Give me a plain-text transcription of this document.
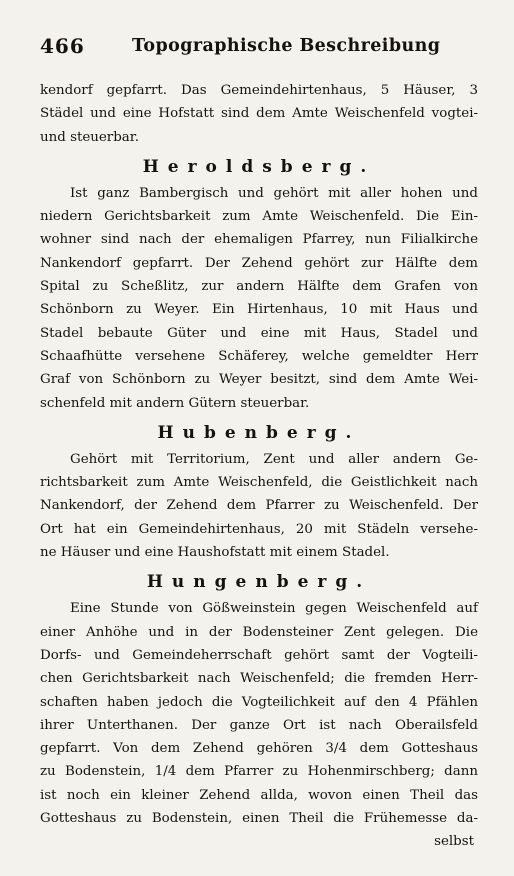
466	Topographische Beschreibung
kendorf gepfarrt. Das Gemeindehirtenhaus, 5 Häuser, 3
Städel und eine Hofstatt sind dem Amte Weischenfeld vogtei-
und steuerbar.
Heroldsberg.
Ist ganz Bambergisch und gehört mit aller hohen und
niedern Gerichtsbarkeit zum Amte Weischenfeld. Die Ein-
wohner sind nach der ehemaligen Pfarrey, nun Filialkirche
Nankendorf gepfarrt. Der Zehend gehört zur Hälfte dem
Spital zu Scheßlitz, zur andern Hälfte dem Grafen von
Schönborn zu Weyer. Ein Hirtenhaus, 10 mit Haus und
Stadel bebaute Güter und eine mit Haus, Stadel und
Schaafhütte versehene Schäferey, welche gemeldter Herr
Graf von Schönborn zu Weyer besitzt, sind dem Amte Wei-
schenfeld mit andern Gütern steuerbar.
Hubenberg.
Gehört mit Territorium, Zent und aller andern Ge-
richtsbarkeit zum Amte Weischenfeld, die Geistlichkeit nach
Nankendorf, der Zehend dem Pfarrer zu Weischenfeld. Der
Ort hat ein Gemeindehirtenhaus, 20 mit Städeln versehe-
ne Häuser und eine Haushofstatt mit einem Stadel.
Hungenberg.
Eine Stunde von Gößweinstein gegen Weischenfeld auf
einer Anhöhe und in der Bodensteiner Zent gelegen. Die
Dorfs- und Gemeindeherrschaft gehört samt der Vogteili-
chen Gerichtsbarkeit nach Weischenfeld; die fremden Herr-
schaften haben jedoch die Vogteilichkeit auf den 4 Pfählen
ihrer Unterthanen. Der ganze Ort ist nach Oberailsfeld
gepfarrt. Von dem Zehend gehören 3/4 dem Gotteshaus
zu Bodenstein, 1/4 dem Pfarrer zu Hohenmirschberg; dann
ist noch ein kleiner Zehend allda, wovon einen Theil das
Gotteshaus zu Bodenstein, einen Theil die Frühemesse da-
selbst
